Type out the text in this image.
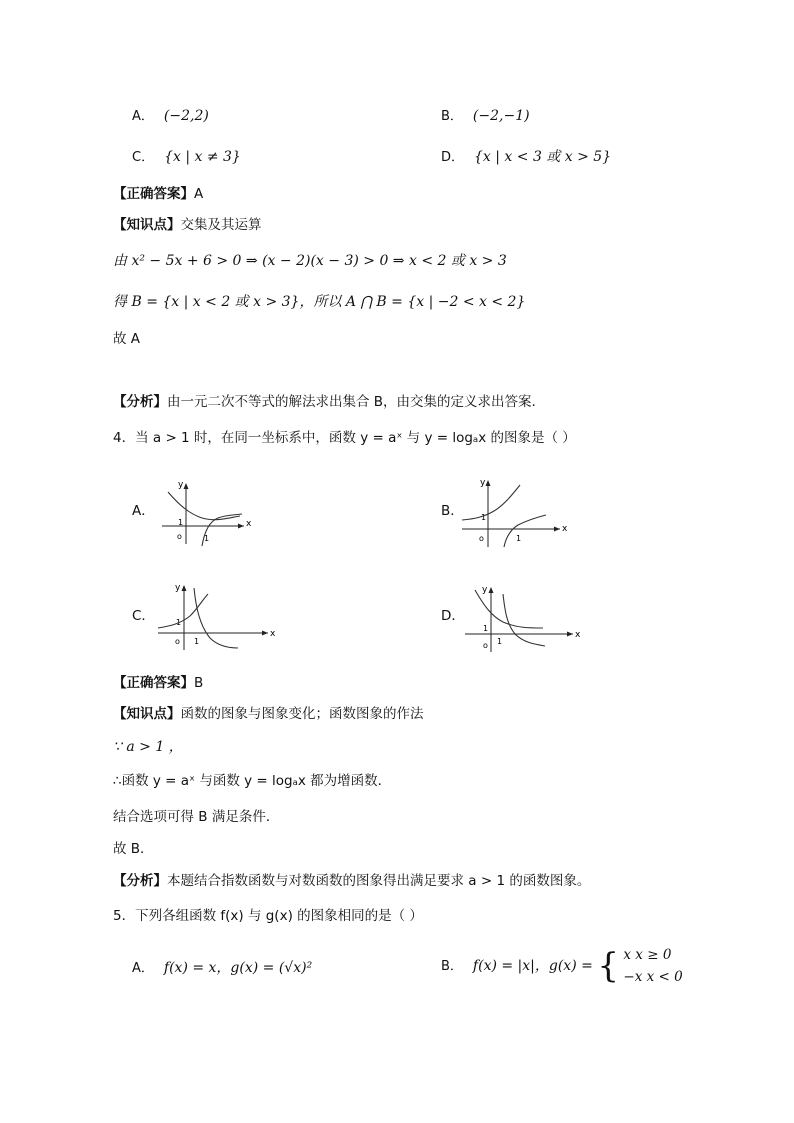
A． (−2,2)	B． (−2,−1)
C． {x | x ≠ 3}	D． {x | x < 3 或 x > 5}
【正确答案】A
【知识点】交集及其运算
由 x² − 5x + 6 > 0 ⇒ (x − 2)(x − 3) > 0 ⇒ x < 2 或 x > 3
得 B = {x | x < 2 或 x > 3}，所以 A ⋂ B = {x | −2 < x < 2}
故 A
【分析】由一元二次不等式的解法求出集合 B，由交集的定义求出答案.
4．当 a > 1 时，在同一坐标系中，函数 y = aˣ 与 y = logₐx 的图象是（ ）
A．	B．
C．	D．
y
x
o
1
1
y
x
o
1
1
y
x
o
1
1
y
x
o
1
1
【正确答案】B
【知识点】函数的图象与图象变化；函数图象的作法
∵ a > 1 ，
∴函数 y = aˣ 与函数 y = logₐx 都为增函数．
结合选项可得 B 满足条件．
故 B．
【分析】本题结合指数函数与对数函数的图象得出满足要求 a > 1 的函数图象。
5．下列各组函数 f(x) 与 g(x) 的图象相同的是（ ）
A． f(x) = x，g(x) = (√x)²	B． f(x) = |x|，g(x) = { x x ≥ 0
−x x < 0
